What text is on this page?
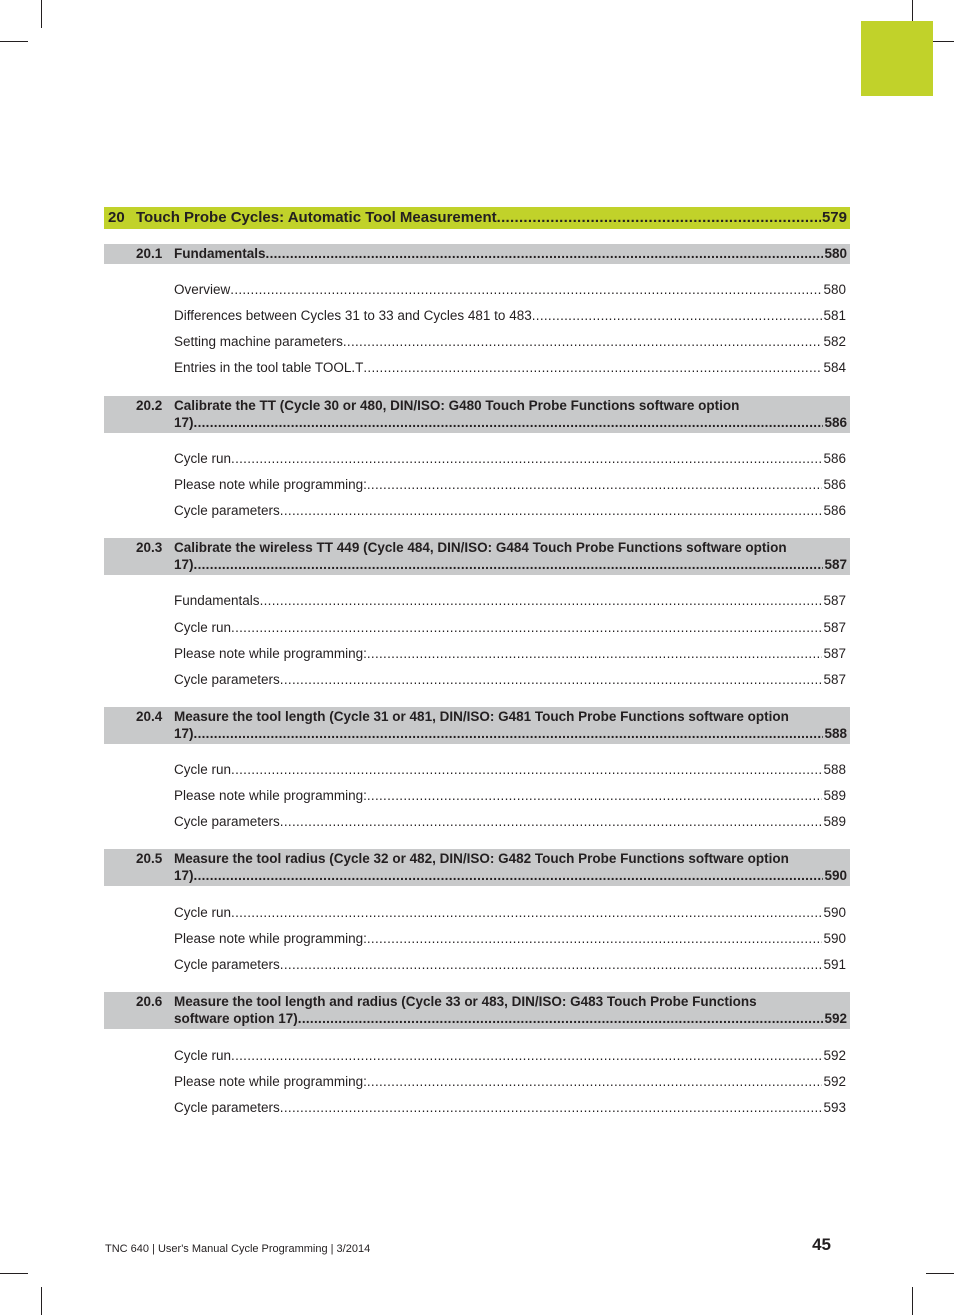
20 Touch Probe Cycles: Automatic Tool Measurement .....	579
20.1 Fundamentals .....	580
Overview .....	580
Differences between Cycles 31 to 33 and Cycles 481 to 483 .....	581
Setting machine parameters .....	582
Entries in the tool table TOOL.T .....	584
20.2 Calibrate the TT (Cycle 30 or 480, DIN/ISO: G480 Touch Probe Functions software option
17) .....	586
Cycle run .....	586
Please note while programming: .....	586
Cycle parameters .....	586
20.3 Calibrate the wireless TT 449 (Cycle 484, DIN/ISO: G484 Touch Probe Functions software option
17) .....	587
Fundamentals .....	587
Cycle run .....	587
Please note while programming: .....	587
Cycle parameters .....	587
20.4 Measure the tool length (Cycle 31 or 481, DIN/ISO: G481 Touch Probe Functions software option
17) .....	588
Cycle run .....	588
Please note while programming: .....	589
Cycle parameters .....	589
20.5 Measure the tool radius (Cycle 32 or 482, DIN/ISO: G482 Touch Probe Functions software option
17) .....	590
Cycle run .....	590
Please note while programming: .....	590
Cycle parameters .....	591
20.6 Measure the tool length and radius (Cycle 33 or 483, DIN/ISO: G483 Touch Probe Functions
software option 17) .....	592
Cycle run .....	592
Please note while programming: .....	592
Cycle parameters .....	593
TNC 640 | User's Manual Cycle Programming | 3/2014	45
